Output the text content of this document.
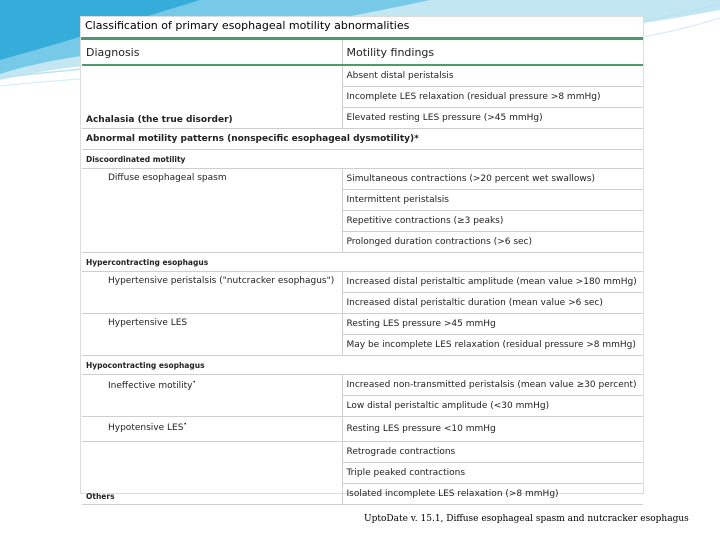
Classification of primary esophageal motility abnormalities
Diagnosis	Motility findings
Achalasia (the true disorder)	Absent distal peristalsis
	Incomplete LES relaxation (residual pressure >8 mmHg)
	Elevated resting LES pressure (>45 mmHg)
Abnormal motility patterns (nonspecific esophageal dysmotility)*	
Discoordinated motility	
Diffuse esophageal spasm	Simultaneous contractions (>20 percent wet swallows)
	Intermittent peristalsis
	Repetitive contractions (≥3 peaks)
	Prolonged duration contractions (>6 sec)
Hypercontracting esophagus	
Hypertensive peristalsis ("nutcracker esophagus")	Increased distal peristaltic amplitude (mean value >180 mmHg)
	Increased distal peristaltic duration (mean value >6 sec)
Hypertensive LES	Resting LES pressure >45 mmHg
	May be incomplete LES relaxation (residual pressure >8 mmHg)
Hypocontracting esophagus	
Ineffective motility•	Increased non-transmitted peristalsis (mean value ≥30 percent)
	Low distal peristaltic amplitude (<30 mmHg)
Hypotensive LES•	Resting LES pressure <10 mmHg
Others	Retrograde contractions
	Triple peaked contractions
	Isolated incomplete LES relaxation (>8 mmHg)
UptoDate v. 15.1, Diffuse esophageal spasm and nutcracker esophagus
